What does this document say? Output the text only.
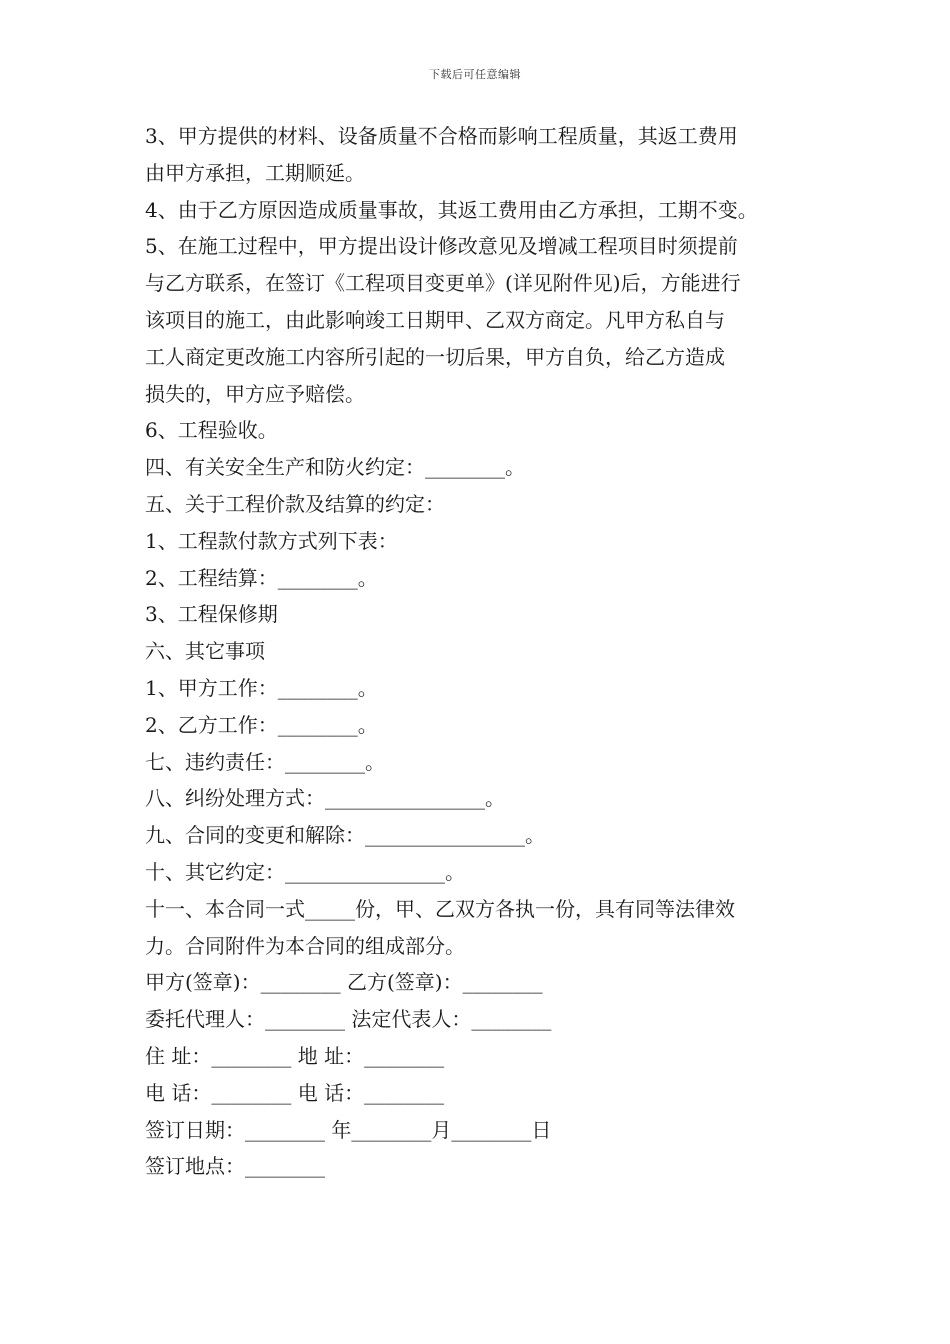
下载后可任意编辑
3、甲方提供的材料、设备质量不合格而影响工程质量，其返工费用
由甲方承担，工期顺延。
4、由于乙方原因造成质量事故，其返工费用由乙方承担，工期不变。
5、在施工过程中，甲方提出设计修改意见及增减工程项目时须提前
与乙方联系，在签订《工程项目变更单》(详见附件见)后，方能进行
该项目的施工，由此影响竣工日期甲、乙双方商定。凡甲方私自与
工人商定更改施工内容所引起的一切后果，甲方自负，给乙方造成
损失的，甲方应予赔偿。
6、工程验收。
四、有关安全生产和防火约定：________。
五、关于工程价款及结算的约定：
1、工程款付款方式列下表：
2、工程结算：________。
3、工程保修期
六、其它事项
1、甲方工作：________。
2、乙方工作：________。
七、违约责任：________。
八、纠纷处理方式：________________。
九、合同的变更和解除：________________。
十、其它约定：________________。
十一、本合同一式_____份，甲、乙双方各执一份，具有同等法律效
力。合同附件为本合同的组成部分。
甲方(签章)：________ 乙方(签章)：________
委托代理人：________ 法定代表人：________
住 址：________ 地 址：________
电 话：________ 电 话：________
签订日期：________ 年________月________日
签订地点：________
